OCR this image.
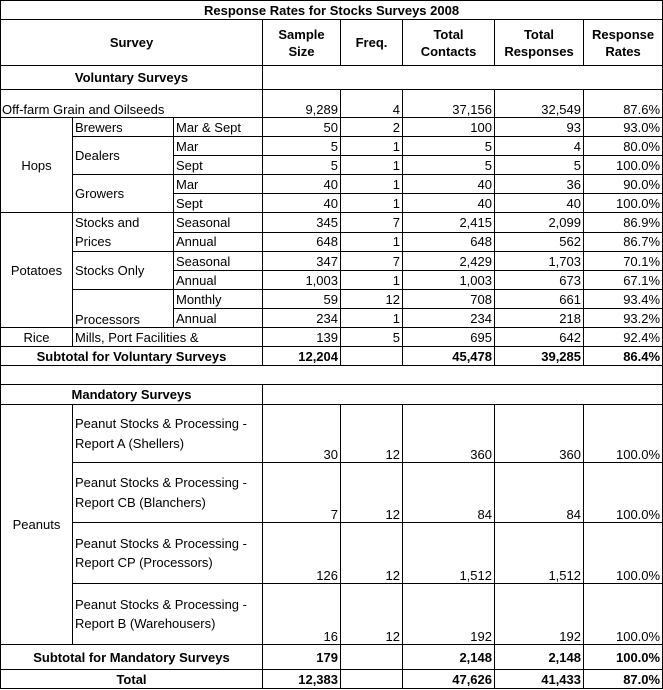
Response Rates for Stocks Surveys 2008							
Survey			Sample Size	Freq.	Total Contacts	Total Responses	Response Rates
Voluntary Surveys							
Off-farm Grain and Oilseeds			9,289	4	37,156	32,549	87.6%
Hops	Brewers	Mar & Sept	50	2	100	93	93.0%
	Dealers	Mar	5	1	5	4	80.0%
		Sept	5	1	5	5	100.0%
	Growers	Mar	40	1	40	36	90.0%
		Sept	40	1	40	40	100.0%
Potatoes	Stocks and Prices	Seasonal	345	7	2,415	2,099	86.9%
		Annual	648	1	648	562	86.7%
	Stocks Only	Seasonal	347	7	2,429	1,703	70.1%
		Annual	1,003	1	1,003	673	67.1%
	Processors	Monthly	59	12	708	661	93.4%
		Annual	234	1	234	218	93.2%
Rice	Mills, Port Facilities &		139	5	695	642	92.4%
Subtotal for Voluntary Surveys			12,204		45,478	39,285	86.4%

Mandatory Surveys							
Peanuts	Peanut Stocks & Processing - Report A (Shellers)		30	12	360	360	100.0%
	Peanut Stocks & Processing - Report CB (Blanchers)		7	12	84	84	100.0%
	Peanut Stocks & Processing - Report CP (Processors)		126	12	1,512	1,512	100.0%
	Peanut Stocks & Processing - Report B (Warehousers)		16	12	192	192	100.0%
Subtotal for Mandatory Surveys			179		2,148	2,148	100.0%
Total			12,383		47,626	41,433	87.0%
